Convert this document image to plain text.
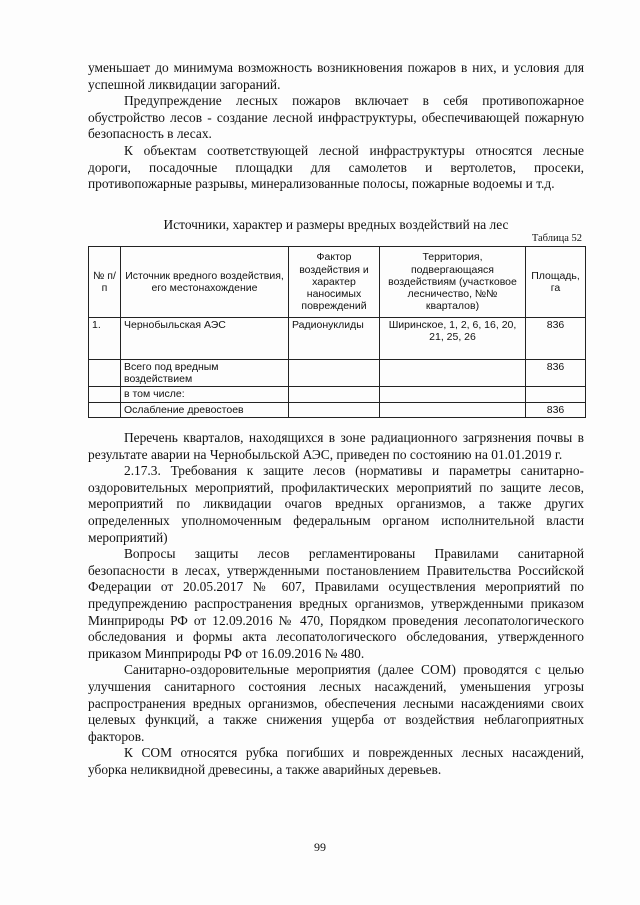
уменьшает до минимума возможность возникновения пожаров в них, и условия для успешной ликвидации загораний.

Предупреждение лесных пожаров включает в себя противопожарное обустройство лесов - создание лесной инфраструктуры, обеспечивающей пожарную безопасность в лесах.

К объектам соответствующей лесной инфраструктуры относятся лесные дороги, посадочные площадки для самолетов и вертолетов, просеки, противопожарные разрывы, минерализованные полосы, пожарные водоемы и т.д.

Источники, характер и размеры вредных воздействий на лес
Таблица 52
№ п/п	Источник вредного воздействия, его местонахождение	Фактор воздействия и характер наносимых повреждений	Территория, подвергающаяся воздействиям (участковое лесничество, №№ кварталов)	Площадь, га
1.	Чернобыльская АЭС	Радионуклиды	Ширинское, 1, 2, 6, 16, 20, 21, 25, 26	836
	Всего под вредным воздействием			836
	в том числе:			
	Ослабление древостоев			836

Перечень кварталов, находящихся в зоне радиационного загрязнения почвы в результате аварии на Чернобыльской АЭС, приведен по состоянию на 01.01.2019 г.

2.17.3. Требования к защите лесов (нормативы и параметры санитарно-оздоровительных мероприятий, профилактических мероприятий по защите лесов, мероприятий по ликвидации очагов вредных организмов, а также других определенных уполномоченным федеральным органом исполнительной власти мероприятий)

Вопросы защиты лесов регламентированы Правилами санитарной безопасности в лесах, утвержденными постановлением Правительства Российской Федерации от 20.05.2017 № 607, Правилами осуществления мероприятий по предупреждению распространения вредных организмов, утвержденными приказом Минприроды РФ от 12.09.2016 № 470, Порядком проведения лесопатологического обследования и формы акта лесопатологического обследования, утвержденного приказом Минприроды РФ от 16.09.2016 № 480.

Санитарно-оздоровительные мероприятия (далее СОМ) проводятся с целью улучшения санитарного состояния лесных насаждений, уменьшения угрозы распространения вредных организмов, обеспечения лесными насаждениями своих целевых функций, а также снижения ущерба от воздействия неблагоприятных факторов.

К СОМ относятся рубка погибших и поврежденных лесных насаждений, уборка неликвидной древесины, а также аварийных деревьев.

99
